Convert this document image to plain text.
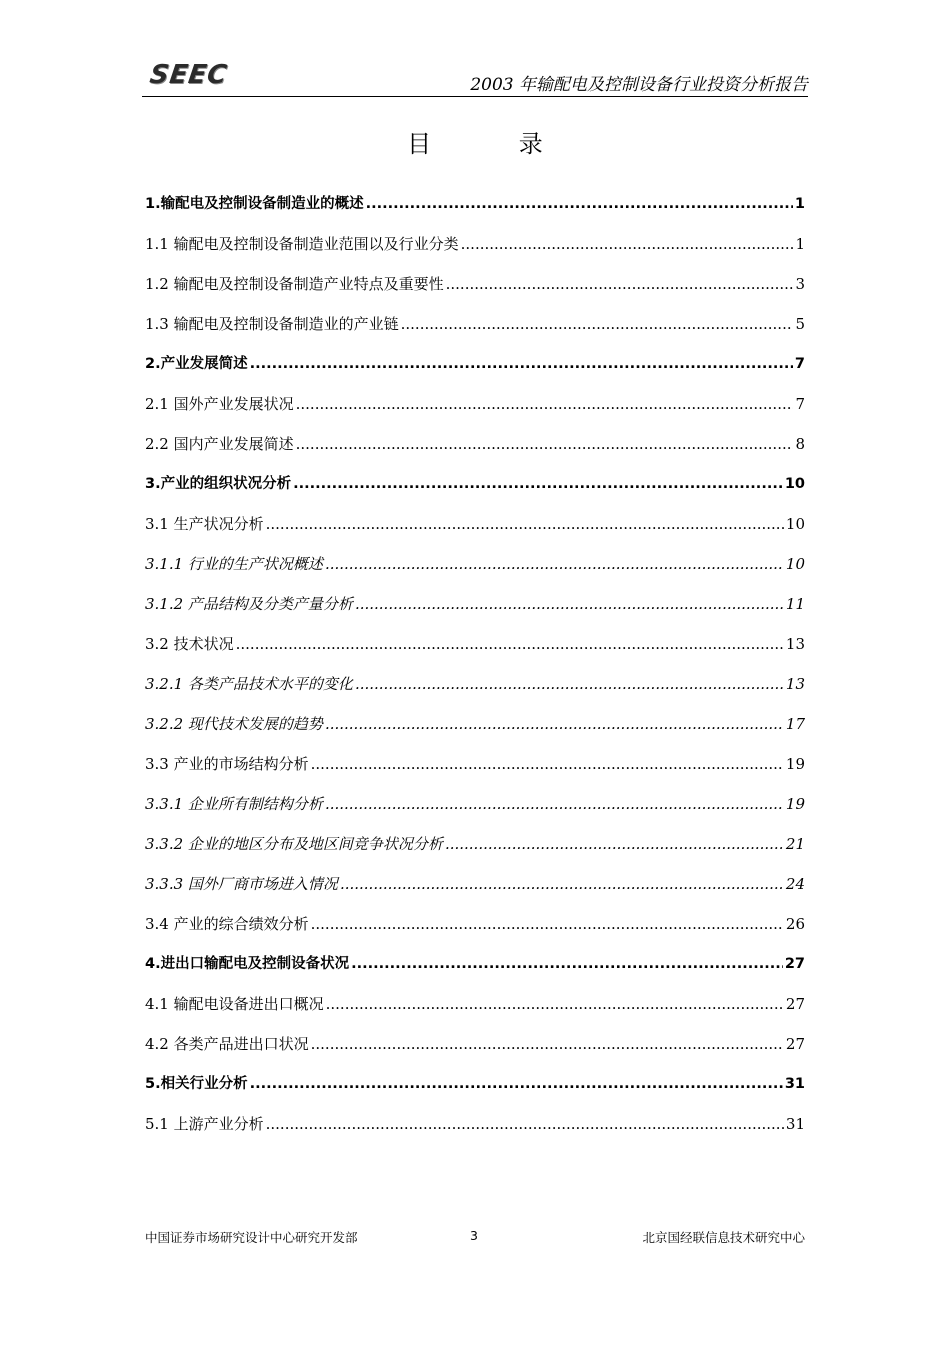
SEEC	2003 年输配电及控制设备行业投资分析报告
目 录
1.输配电及控制设备制造业的概述 .....	1
1.1 输配电及控制设备制造业范围以及行业分类 .....	1
1.2 输配电及控制设备制造产业特点及重要性 .....	3
1.3 输配电及控制设备制造业的产业链 .....	5
2.产业发展简述 .....	7
2.1 国外产业发展状况 .....	7
2.2 国内产业发展简述 .....	8
3.产业的组织状况分析 .....	10
3.1 生产状况分析 .....	10
3.1.1 行业的生产状况概述 .....	10
3.1.2 产品结构及分类产量分析 .....	11
3.2 技术状况 .....	13
3.2.1 各类产品技术水平的变化 .....	13
3.2.2 现代技术发展的趋势 .....	17
3.3 产业的市场结构分析 .....	19
3.3.1 企业所有制结构分析 .....	19
3.3.2 企业的地区分布及地区间竞争状况分析 .....	21
3.3.3 国外厂商市场进入情况 .....	24
3.4 产业的综合绩效分析 .....	26
4.进出口输配电及控制设备状况 .....	27
4.1 输配电设备进出口概况 .....	27
4.2 各类产品进出口状况 .....	27
5.相关行业分析 .....	31
5.1 上游产业分析 .....	31
中国证券市场研究设计中心研究开发部	3	北京国经联信息技术研究中心
